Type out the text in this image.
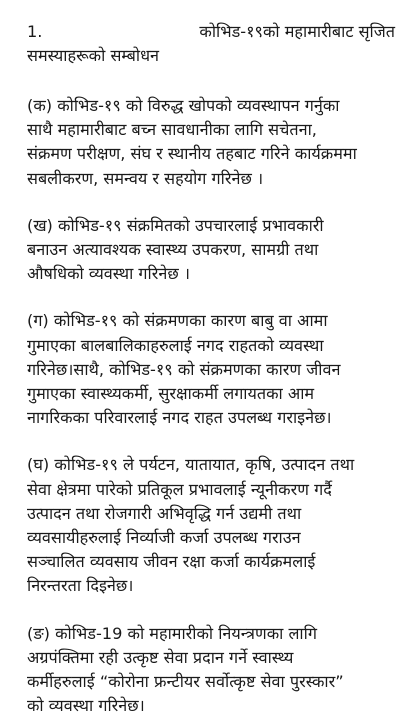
1.	कोभिड-१९को महामारीबाट सृजित
समस्याहरूको सम्बोधन
(क) कोभिड-१९ को विरुद्ध खोपको व्यवस्थापन गर्नुका
साथै महामारीबाट बच्न सावधानीका लागि सचेतना,
संक्रमण परीक्षण, संघ र स्थानीय तहबाट गरिने कार्यक्रममा
सबलीकरण, समन्वय र सहयोग गरिनेछ ।
(ख) कोभिड-१९ संक्रमितको उपचारलाई प्रभावकारी
बनाउन अत्यावश्यक स्वास्थ्य उपकरण, सामग्री तथा
औषधिको व्यवस्था गरिनेछ ।
(ग) कोभिड-१९ को संक्रमणका कारण बाबु वा आमा
गुमाएका बालबालिकाहरुलाई नगद राहतको व्यवस्था
गरिनेछ।साथै, कोभिड-१९ को संक्रमणका कारण जीवन
गुमाएका स्वास्थ्यकर्मी, सुरक्षाकर्मी लगायतका आम
नागरिकका परिवारलाई नगद राहत उपलब्ध गराइनेछ।
(घ) कोभिड-१९ ले पर्यटन, यातायात, कृषि, उत्पादन तथा
सेवा क्षेत्रमा पारेको प्रतिकूल प्रभावलाई न्यूनीकरण गर्दै
उत्पादन तथा रोजगारी अभिवृद्धि गर्न उद्यमी तथा
व्यवसायीहरुलाई निर्व्याजी कर्जा उपलब्ध गराउन
सञ्चालित व्यवसाय जीवन रक्षा कर्जा कार्यक्रमलाई
निरन्तरता दिइनेछ।
(ङ) कोभिड-19 को महामारीको नियन्त्रणका लागि
अग्रपंक्तिमा रही उत्कृष्ट सेवा प्रदान गर्ने स्वास्थ्य
कर्मीहरुलाई “कोरोना फ्रन्टीयर सर्वोत्कृष्ट सेवा पुरस्कार”
को व्यवस्था गरिनेछ।
